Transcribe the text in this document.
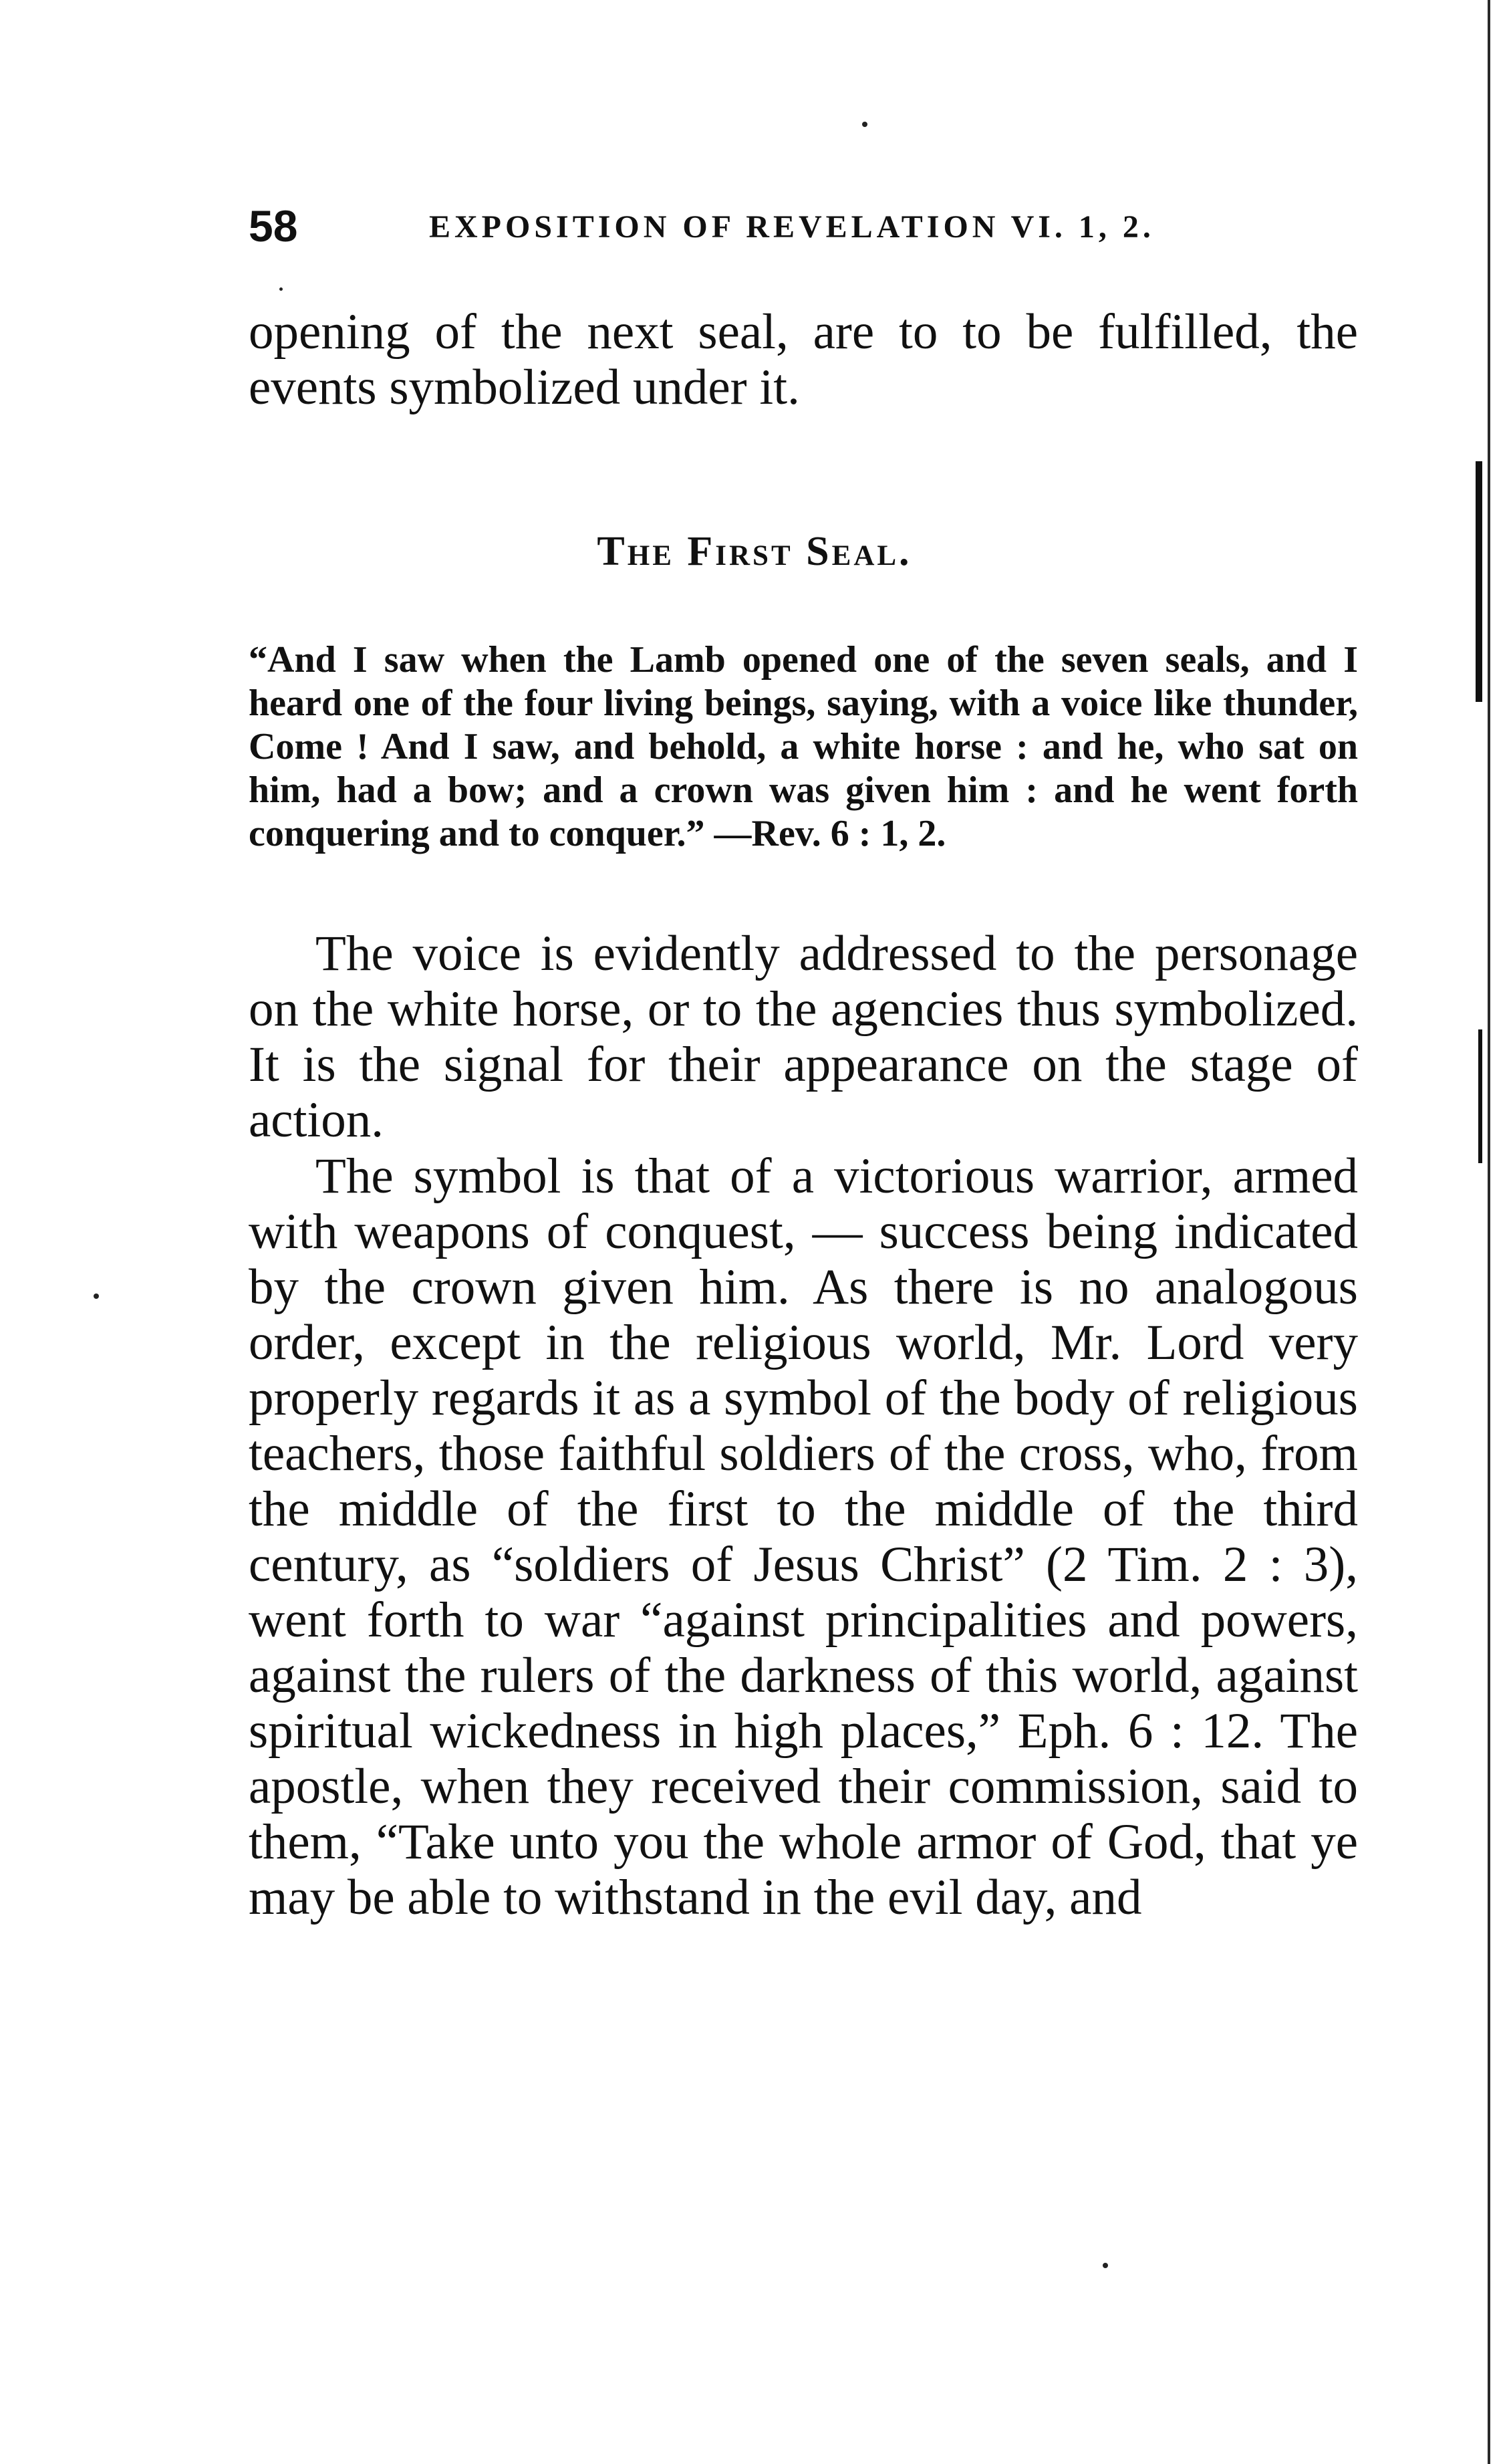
58	EXPOSITION OF REVELATION VI. 1, 2.

opening of the next seal, are to to be fulfilled, the events symbolized under it.

The First Seal.

“And I saw when the Lamb opened one of the seven seals, and I heard one of the four living beings, saying, with a voice like thunder, Come ! And I saw, and behold, a white horse : and he, who sat on him, had a bow; and a crown was given him : and he went forth conquering and to conquer.” —Rev. 6 : 1, 2.

The voice is evidently addressed to the personage on the white horse, or to the agencies thus symbolized. It is the signal for their appearance on the stage of action.

The symbol is that of a victorious warrior, armed with weapons of conquest, — success being indicated by the crown given him. As there is no analogous order, except in the religious world, Mr. Lord very properly regards it as a symbol of the body of religious teachers, those faithful soldiers of the cross, who, from the middle of the first to the middle of the third century, as “soldiers of Jesus Christ” (2 Tim. 2 : 3), went forth to war “against principalities and powers, against the rulers of the darkness of this world, against spiritual wickedness in high places,” Eph. 6 : 12. The apostle, when they received their commission, said to them, “Take unto you the whole armor of God, that ye may be able to withstand in the evil day, and
